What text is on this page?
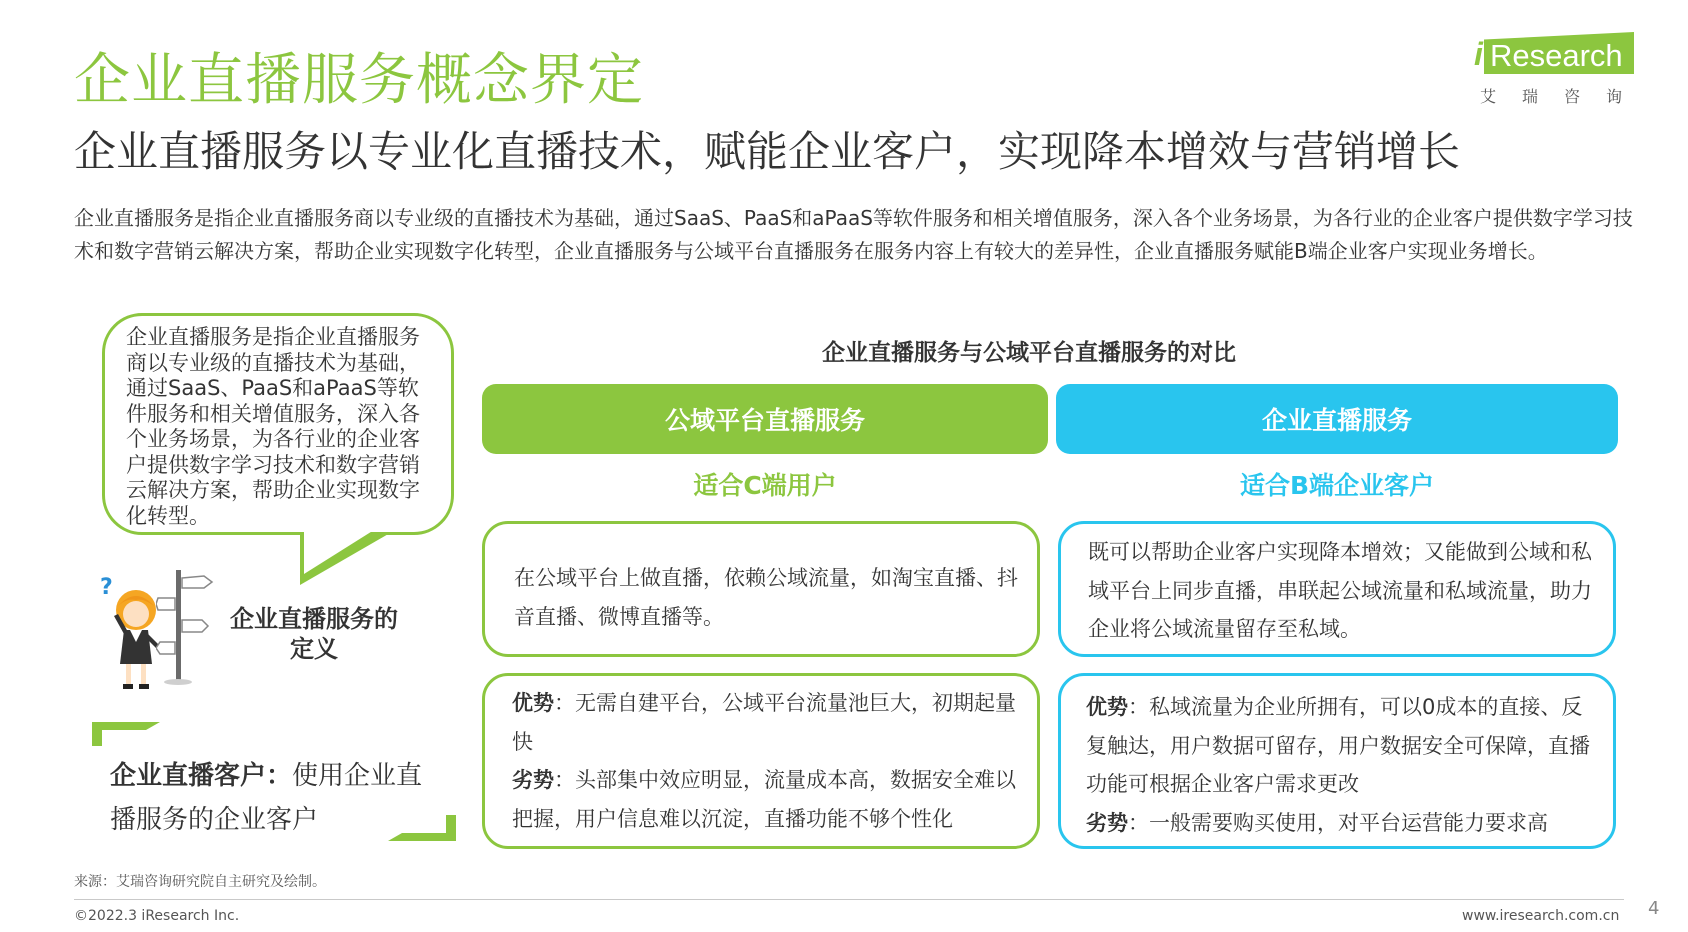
企业直播服务概念界定
企业直播服务以专业化直播技术，赋能企业客户，实现降本增效与营销增长
企业直播服务是指企业直播服务商以专业级的直播技术为基础，通过SaaS、PaaS和aPaaS等软件服务和相关增值服务，深入各个业务场景，为各行业的企业客户提供数字学习技术和数字营销云解决方案，帮助企业实现数字化转型，企业直播服务与公域平台直播服务在服务内容上有较大的差异性，企业直播服务赋能B端企业客户实现业务增长。
i Research
艾瑞咨询
企业直播服务是指企业直播服务商以专业级的直播技术为基础，通过SaaS、PaaS和aPaaS等软件服务和相关增值服务，深入各个业务场景，为各行业的企业客户提供数字学习技术和数字营销云解决方案，帮助企业实现数字化转型。
?
企业直播服务的
定义
企业直播客户：使用企业直播服务的企业客户
企业直播服务与公域平台直播服务的对比
公域平台直播服务	企业直播服务
适合C端用户	适合B端企业客户
在公域平台上做直播，依赖公域流量，如淘宝直播、抖音直播、微博直播等。
既可以帮助企业客户实现降本增效；又能做到公域和私域平台上同步直播，串联起公域流量和私域流量，助力企业将公域流量留存至私域。
优势：无需自建平台，公域平台流量池巨大，初期起量快
劣势：头部集中效应明显，流量成本高，数据安全难以把握，用户信息难以沉淀，直播功能不够个性化
优势：私域流量为企业所拥有，可以0成本的直接、反复触达，用户数据可留存，用户数据安全可保障，直播功能可根据企业客户需求更改
劣势：一般需要购买使用，对平台运营能力要求高
来源：艾瑞咨询研究院自主研究及绘制。
©2022.3 iResearch Inc.	www.iresearch.com.cn 4
